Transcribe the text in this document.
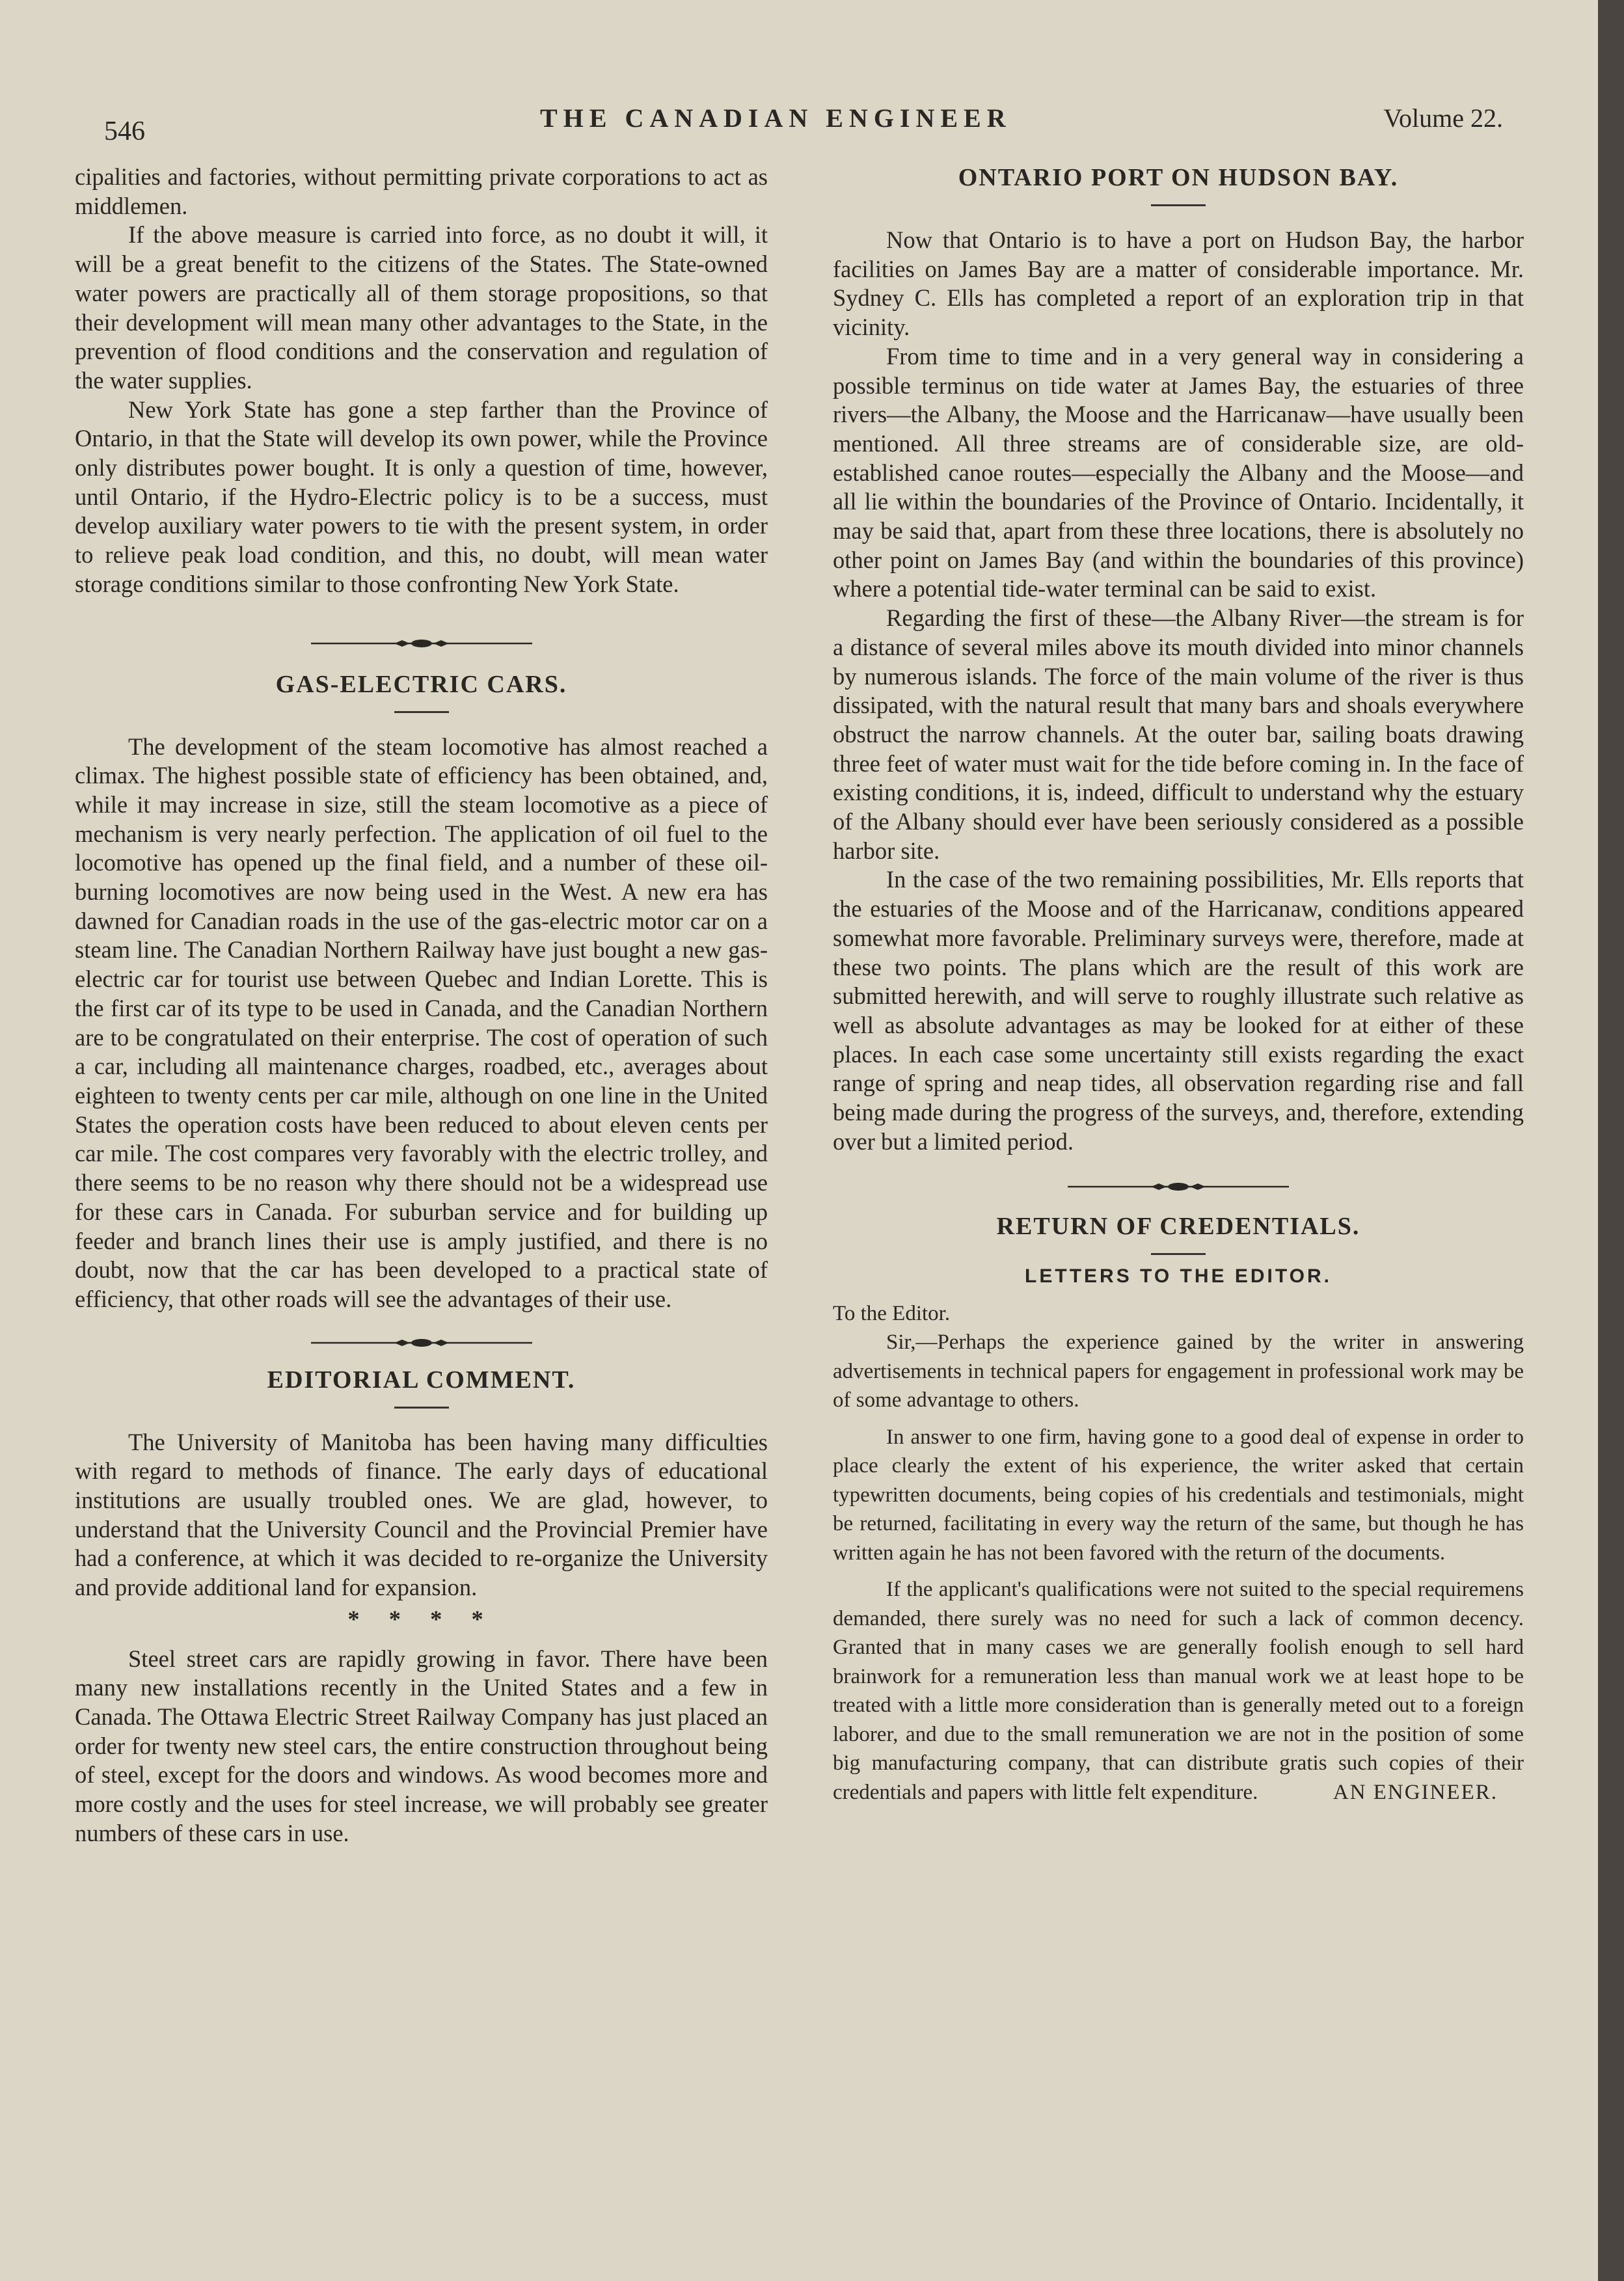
546	THE CANADIAN ENGINEER	Volume 22.

cipalities and factories, without permitting private corporations to act as middlemen.

If the above measure is carried into force, as no doubt it will, it will be a great benefit to the citizens of the States. The State-owned water powers are practically all of them storage propositions, so that their development will mean many other advantages to the State, in the prevention of flood conditions and the conservation and regulation of the water supplies.

New York State has gone a step farther than the Province of Ontario, in that the State will develop its own power, while the Province only distributes power bought. It is only a question of time, however, until Ontario, if the Hydro-Electric policy is to be a success, must develop auxiliary water powers to tie with the present system, in order to relieve peak load condition, and this, no doubt, will mean water storage conditions similar to those confronting New York State.

GAS-ELECTRIC CARS.

The development of the steam locomotive has almost reached a climax. The highest possible state of efficiency has been obtained, and, while it may increase in size, still the steam locomotive as a piece of mechanism is very nearly perfection. The application of oil fuel to the locomotive has opened up the final field, and a number of these oil-burning locomotives are now being used in the West. A new era has dawned for Canadian roads in the use of the gas-electric motor car on a steam line. The Canadian Northern Railway have just bought a new gas-electric car for tourist use between Quebec and Indian Lorette. This is the first car of its type to be used in Canada, and the Canadian Northern are to be congratulated on their enterprise. The cost of operation of such a car, including all maintenance charges, roadbed, etc., averages about eighteen to twenty cents per car mile, although on one line in the United States the operation costs have been reduced to about eleven cents per car mile. The cost compares very favorably with the electric trolley, and there seems to be no reason why there should not be a widespread use for these cars in Canada. For suburban service and for building up feeder and branch lines their use is amply justified, and there is no doubt, now that the car has been developed to a practical state of efficiency, that other roads will see the advantages of their use.

EDITORIAL COMMENT.

The University of Manitoba has been having many difficulties with regard to methods of finance. The early days of educational institutions are usually troubled ones. We are glad, however, to understand that the University Council and the Provincial Premier have had a conference, at which it was decided to re-organize the University and provide additional land for expansion.

* * * *

Steel street cars are rapidly growing in favor. There have been many new installations recently in the United States and a few in Canada. The Ottawa Electric Street Railway Company has just placed an order for twenty new steel cars, the entire construction throughout being of steel, except for the doors and windows. As wood becomes more and more costly and the uses for steel increase, we will probably see greater numbers of these cars in use.

ONTARIO PORT ON HUDSON BAY.

Now that Ontario is to have a port on Hudson Bay, the harbor facilities on James Bay are a matter of considerable importance. Mr. Sydney C. Ells has completed a report of an exploration trip in that vicinity.

From time to time and in a very general way in considering a possible terminus on tide water at James Bay, the estuaries of three rivers—the Albany, the Moose and the Harricanaw—have usually been mentioned. All three streams are of considerable size, are old-established canoe routes—especially the Albany and the Moose—and all lie within the boundaries of the Province of Ontario. Incidentally, it may be said that, apart from these three locations, there is absolutely no other point on James Bay (and within the boundaries of this province) where a potential tide-water terminal can be said to exist.

Regarding the first of these—the Albany River—the stream is for a distance of several miles above its mouth divided into minor channels by numerous islands. The force of the main volume of the river is thus dissipated, with the natural result that many bars and shoals everywhere obstruct the narrow channels. At the outer bar, sailing boats drawing three feet of water must wait for the tide before coming in. In the face of existing conditions, it is, indeed, difficult to understand why the estuary of the Albany should ever have been seriously considered as a possible harbor site.

In the case of the two remaining possibilities, Mr. Ells reports that the estuaries of the Moose and of the Harricanaw, conditions appeared somewhat more favorable. Preliminary surveys were, therefore, made at these two points. The plans which are the result of this work are submitted herewith, and will serve to roughly illustrate such relative as well as absolute advantages as may be looked for at either of these places. In each case some uncertainty still exists regarding the exact range of spring and neap tides, all observation regarding rise and fall being made during the progress of the surveys, and, therefore, extending over but a limited period.

RETURN OF CREDENTIALS.
LETTERS TO THE EDITOR.

To the Editor.

Sir,—Perhaps the experience gained by the writer in answering advertisements in technical papers for engagement in professional work may be of some advantage to others.

In answer to one firm, having gone to a good deal of expense in order to place clearly the extent of his experience, the writer asked that certain typewritten documents, being copies of his credentials and testimonials, might be returned, facilitating in every way the return of the same, but though he has written again he has not been favored with the return of the documents.

If the applicant's qualifications were not suited to the special requiremens demanded, there surely was no need for such a lack of common decency. Granted that in many cases we are generally foolish enough to sell hard brainwork for a remuneration less than manual work we at least hope to be treated with a little more consideration than is generally meted out to a foreign laborer, and due to the small remuneration we are not in the position of some big manufacturing company, that can distribute gratis such copies of their credentials and papers with little felt expenditure.	AN ENGINEER.
